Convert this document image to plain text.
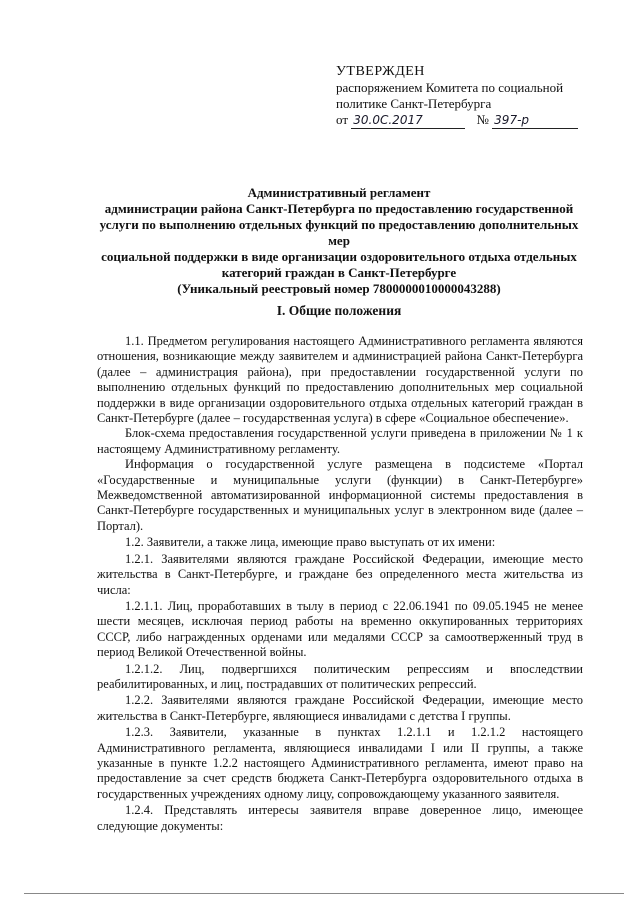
УТВЕРЖДЕН
распоряжением Комитета по социальной
политике Санкт-Петербурга
от 30.0С.2017	№ 397-р
Административный регламент
администрации района Санкт-Петербурга по предоставлению государственной
услуги по выполнению отдельных функций по предоставлению дополнительных мер
социальной поддержки в виде организации оздоровительного отдыха отдельных
категорий граждан в Санкт-Петербурге
(Уникальный реестровый номер 7800000010000043288)
I. Общие положения

1.1. Предметом регулирования настоящего Административного регламента являются отношения, возникающие между заявителем и администрацией района Санкт-Петербурга (далее – администрация района), при предоставлении государственной услуги по выполнению отдельных функций по предоставлению дополнительных мер социальной поддержки в виде организации оздоровительного отдыха отдельных категорий граждан в Санкт-Петербурге (далее – государственная услуга) в сфере «Социальное обеспечение».

Блок-схема предоставления государственной услуги приведена в приложении № 1 к настоящему Административному регламенту.

Информация о государственной услуге размещена в подсистеме «Портал «Государственные и муниципальные услуги (функции) в Санкт-Петербурге» Межведомственной автоматизированной информационной системы предоставления в Санкт-Петербурге государственных и муниципальных услуг в электронном виде (далее – Портал).

1.2. Заявители, а также лица, имеющие право выступать от их имени:

1.2.1. Заявителями являются граждане Российской Федерации, имеющие место жительства в Санкт-Петербурге, и граждане без определенного места жительства из числа:

1.2.1.1. Лиц, проработавших в тылу в период с 22.06.1941 по 09.05.1945 не менее шести месяцев, исключая период работы на временно оккупированных территориях СССР, либо награжденных орденами или медалями СССР за самоотверженный труд в период Великой Отечественной войны.

1.2.1.2. Лиц, подвергшихся политическим репрессиям и впоследствии реабилитированных, и лиц, пострадавших от политических репрессий.

1.2.2. Заявителями являются граждане Российской Федерации, имеющие место жительства в Санкт-Петербурге, являющиеся инвалидами с детства I группы.

1.2.3. Заявители, указанные в пунктах 1.2.1.1 и 1.2.1.2 настоящего Административного регламента, являющиеся инвалидами I или II группы, а также указанные в пункте 1.2.2 настоящего Административного регламента, имеют право на предоставление за счет средств бюджета Санкт-Петербурга оздоровительного отдыха в государственных учреждениях одному лицу, сопровождающему указанного заявителя.

1.2.4. Представлять интересы заявителя вправе доверенное лицо, имеющее следующие документы:
